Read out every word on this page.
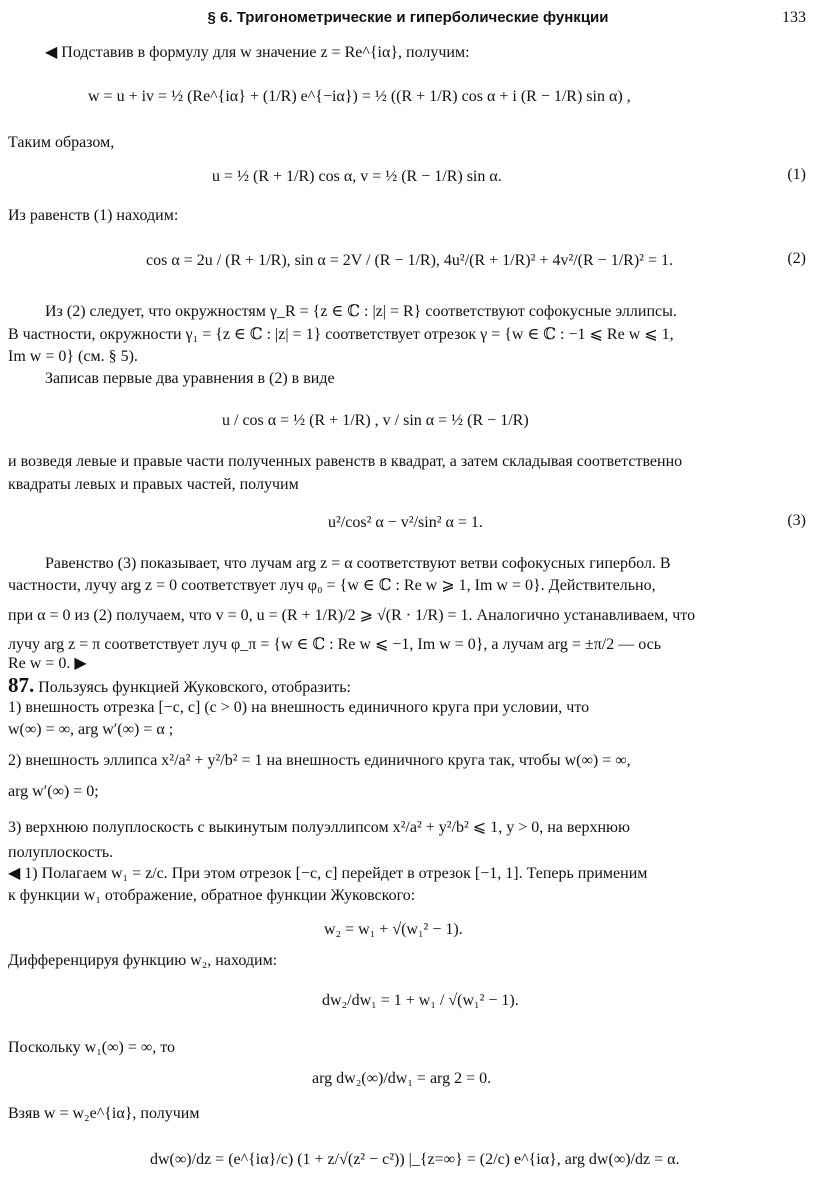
§ 6. Тригонометрические и гиперболические функции	133
◀ Подставив в формулу для w значение z = Re^{iα}, получим:
w = u + iv = ½ (Re^{iα} + (1/R) e^{−iα}) = ½ ((R + 1/R) cos α + i (R − 1/R) sin α) ,
Таким образом,
u = ½ (R + 1/R) cos α, v = ½ (R − 1/R) sin α.	(1)
Из равенств (1) находим:
cos α = 2u / (R + 1/R), sin α = 2V / (R − 1/R), 4u²/(R + 1/R)² + 4v²/(R − 1/R)² = 1.	(2)
Из (2) следует, что окружностям γ_R = {z ∈ ℂ : |z| = R} соответствуют софокусные эллипсы.
В частности, окружности γ₁ = {z ∈ ℂ : |z| = 1} соответствует отрезок γ = {w ∈ ℂ : −1 ⩽ Re w ⩽ 1,
Im w = 0} (см. § 5).
Записав первые два уравнения в (2) в виде
u / cos α = ½ (R + 1/R) , v / sin α = ½ (R − 1/R)
и возведя левые и правые части полученных равенств в квадрат, а затем складывая соответственно
квадраты левых и правых частей, получим
u²/cos² α − v²/sin² α = 1.	(3)
Равенство (3) показывает, что лучам arg z = α соответствуют ветви софокусных гипербол. В
частности, лучу arg z = 0 соответствует луч φ₀ = {w ∈ ℂ : Re w ⩾ 1, Im w = 0}. Действительно,
при α = 0 из (2) получаем, что v = 0, u = (R + 1/R)/2 ⩾ √(R · 1/R) = 1. Аналогично устанавливаем, что
лучу arg z = π соответствует луч φ_π = {w ∈ ℂ : Re w ⩽ −1, Im w = 0}, а лучам arg = ±π/2 — ось
Re w = 0. ▶
87. Пользуясь функцией Жуковского, отобразить:
1) внешность отрезка [−c, c] (c > 0) на внешность единичного круга при условии, что
w(∞) = ∞, arg w′(∞) = α ;
2) внешность эллипса x²/a² + y²/b² = 1 на внешность единичного круга так, чтобы w(∞) = ∞,
arg w′(∞) = 0;
3) верхнюю полуплоскость с выкинутым полуэллипсом x²/a² + y²/b² ⩽ 1, y > 0, на верхнюю
полуплоскость.
◀ 1) Полагаем w₁ = z/c. При этом отрезок [−c, c] перейдет в отрезок [−1, 1]. Теперь применим
к функции w₁ отображение, обратное функции Жуковского:
w₂ = w₁ + √(w₁² − 1).
Дифференцируя функцию w₂, находим:
dw₂/dw₁ = 1 + w₁ / √(w₁² − 1).
Поскольку w₁(∞) = ∞, то
arg dw₂(∞)/dw₁ = arg 2 = 0.
Взяв w = w₂e^{iα}, получим
dw(∞)/dz = (e^{iα}/c) (1 + z/√(z² − c²)) |_{z=∞} = (2/c) e^{iα}, arg dw(∞)/dz = α.
